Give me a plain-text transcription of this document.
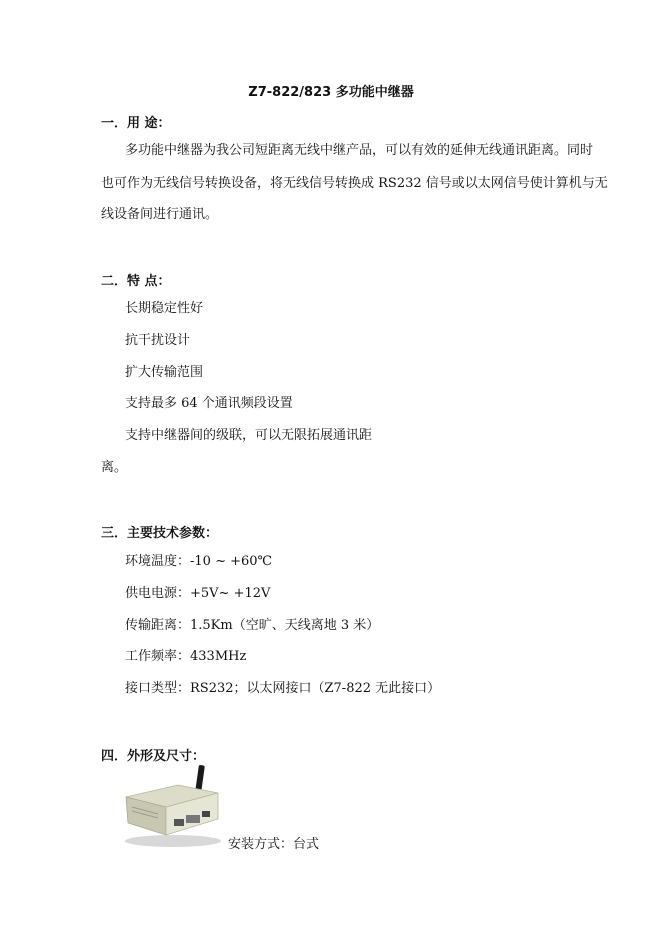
Z7-822/823 多功能中继器
一．用 途：
多功能中继器为我公司短距离无线中继产品，可以有效的延伸无线通讯距离。同时
也可作为无线信号转换设备，将无线信号转换成 RS232 信号或以太网信号使计算机与无
线设备间进行通讯。
二．特 点：
长期稳定性好
抗干扰设计
扩大传输范围
支持最多 64 个通讯频段设置
支持中继器间的级联，可以无限拓展通讯距
离。
三．主要技术参数：
环境温度：-10 ~ +60℃
供电电源：+5V~ +12V
传输距离：1.5Km（空旷、天线离地 3 米）
工作频率：433MHz
接口类型：RS232；以太网接口（Z7-822 无此接口）
四．外形及尺寸：
安装方式：台式
